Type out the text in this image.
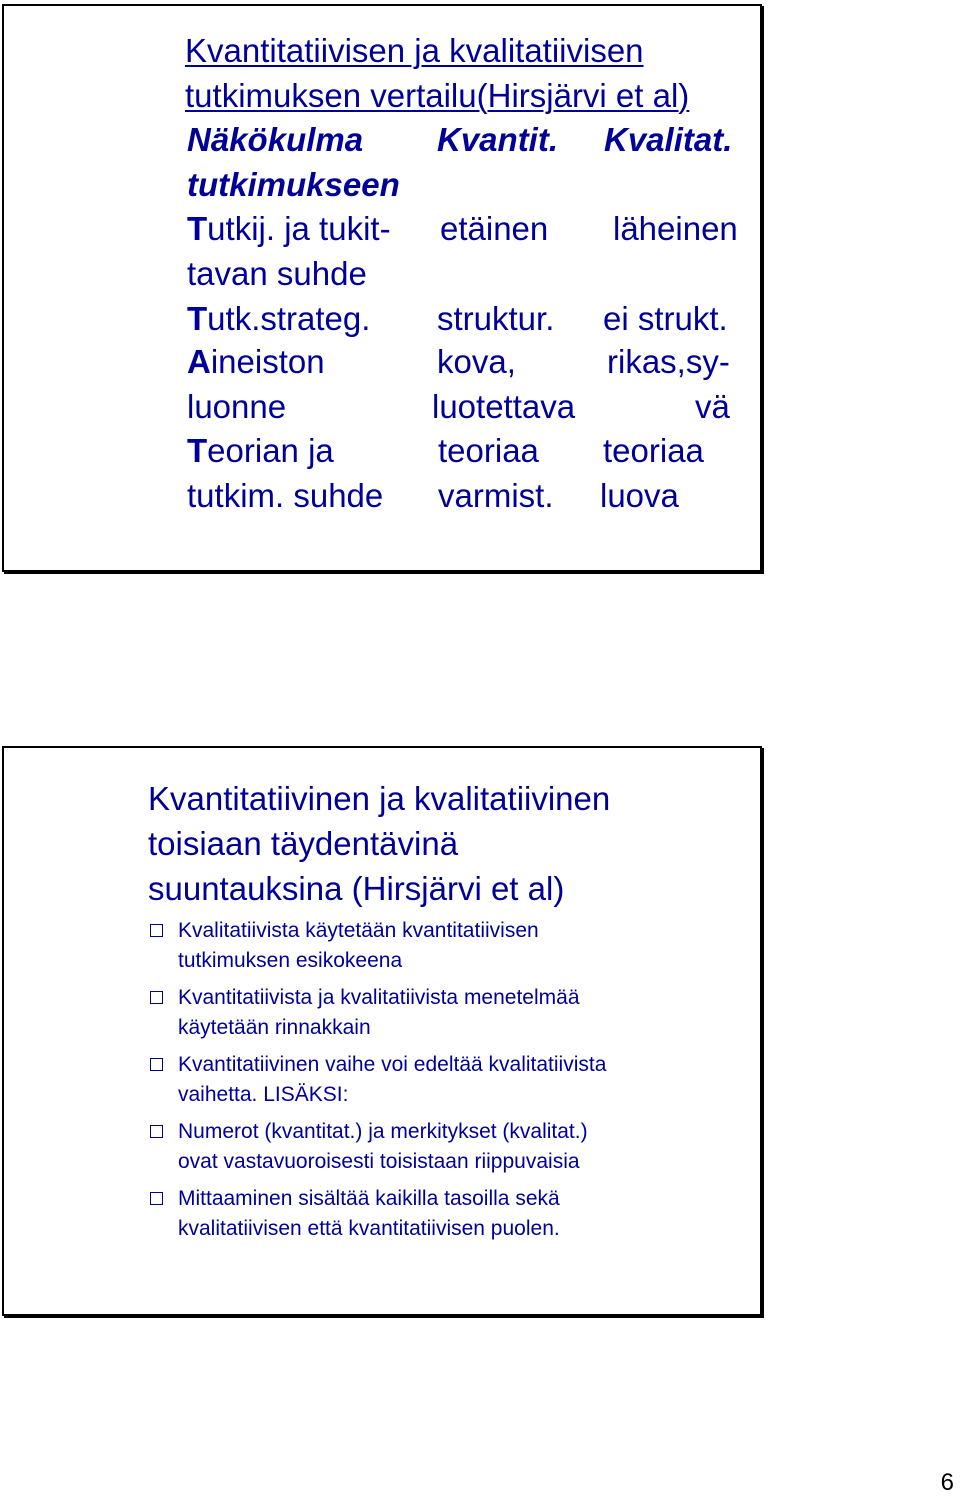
Kvantitatiivisen ja kvalitatiivisen
tutkimuksen vertailu(Hirsjärvi et al)
Näkökulma Kvantit. Kvalitat.
tutkimukseen
Tutkij. ja tukit-
tavan suhde
etäinen läheinen
Tutk.strateg. struktur. ei strukt.
Aineiston
luonne
kova,
luotettava
rikas,sy-
vä
Teorian ja
tutkim. suhde
teoriaa
varmist.
teoriaa
luova
Kvantitatiivinen ja kvalitatiivinen
toisiaan täydentävinä
suuntauksina (Hirsjärvi et al)
Kvalitatiivista käytetään kvantitatiivisen
tutkimuksen esikokeena
Kvantitatiivista ja kvalitatiivista menetelmää
käytetään rinnakkain
Kvantitatiivinen vaihe voi edeltää kvalitatiivista
vaihetta. LISÄKSI:
Numerot (kvantitat.) ja merkitykset (kvalitat.)
ovat vastavuoroisesti toisistaan riippuvaisia
Mittaaminen sisältää kaikilla tasoilla sekä
kvalitatiivisen että kvantitatiivisen puolen.
6
